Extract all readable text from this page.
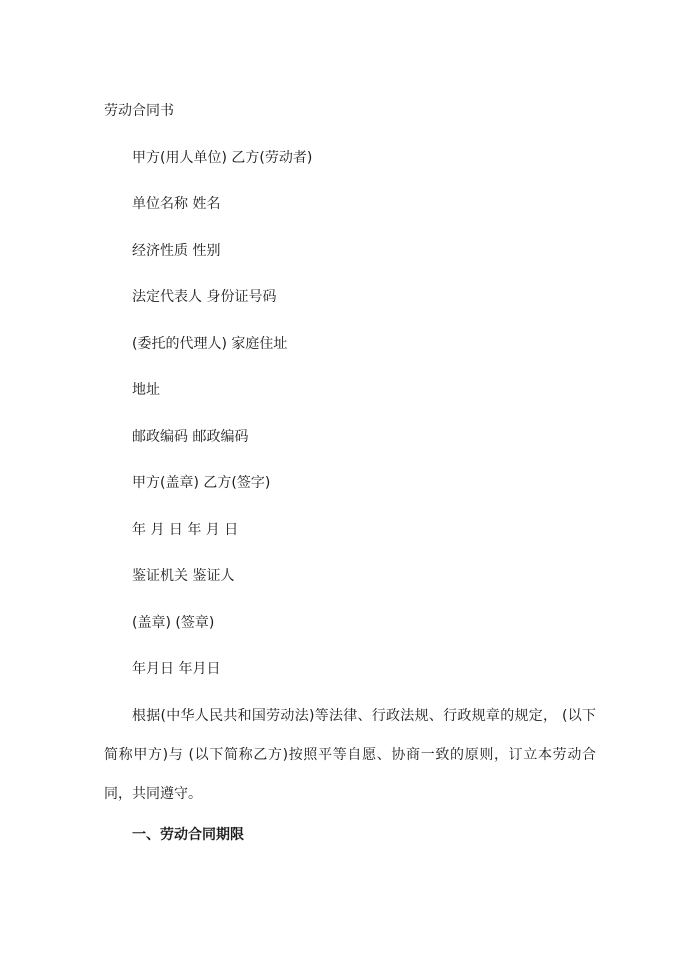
劳动合同书
甲方(用人单位) 乙方(劳动者)
单位名称 姓名
经济性质 性别
法定代表人 身份证号码
(委托的代理人) 家庭住址
地址
邮政编码 邮政编码
甲方(盖章) 乙方(签字)
年 月 日 年 月 日
鉴证机关 鉴证人
(盖章) (签章)
年月日 年月日
根据(中华人民共和国劳动法)等法律、行政法规、行政规章的规定， (以下简称甲方)与 (以下简称乙方)按照平等自愿、协商一致的原则，订立本劳动合同，共同遵守。
一、劳动合同期限
